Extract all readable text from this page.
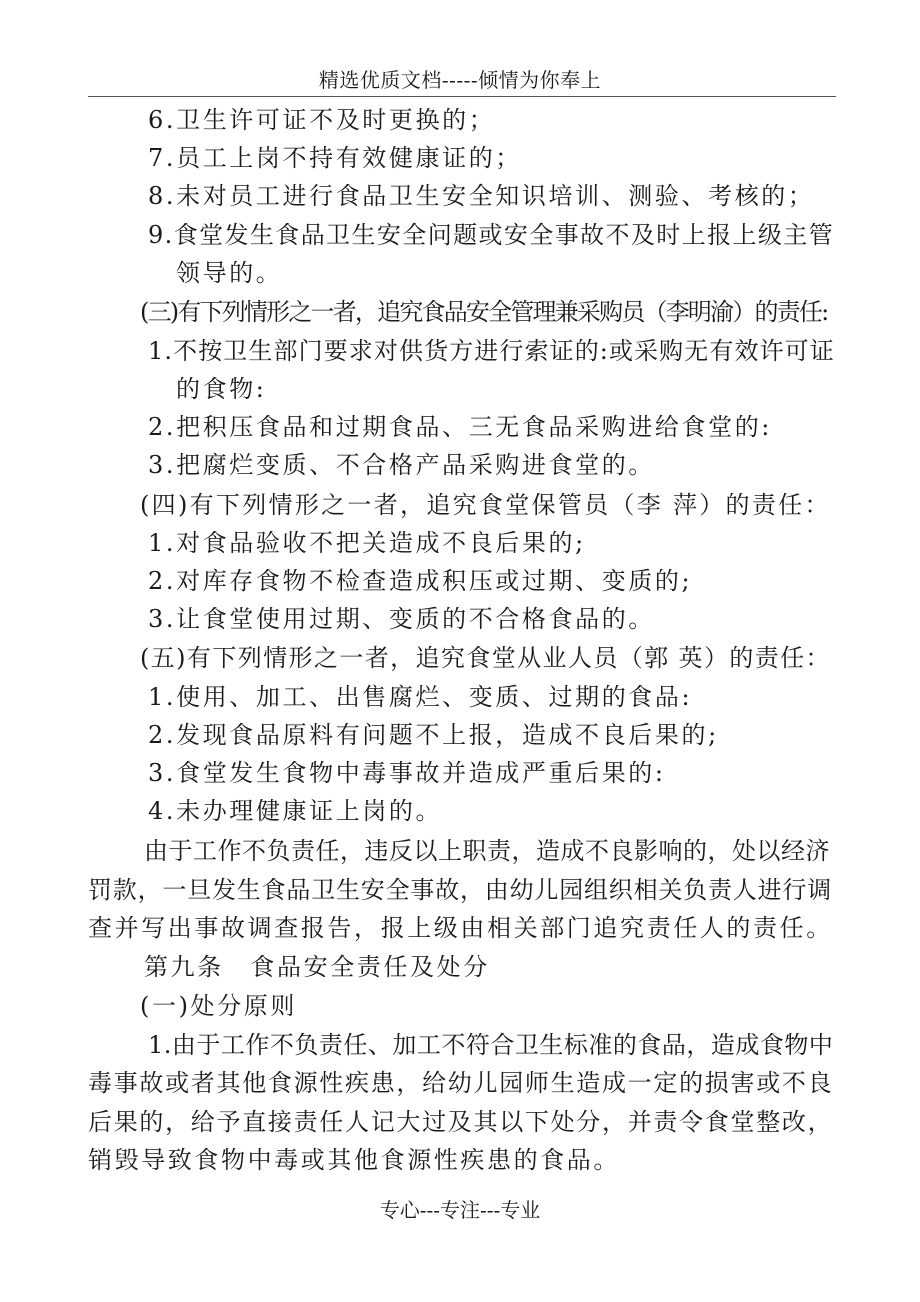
精选优质文档-----倾情为你奉上
6.卫生许可证不及时更换的；
7.员工上岗不持有效健康证的；
8.未对员工进行食品卫生安全知识培训、测验、考核的；
9.食堂发生食品卫生安全问题或安全事故不及时上报上级主管
领导的。
(三)有下列情形之一者，追究食品安全管理兼采购员（李明渝）的责任:
1.不按卫生部门要求对供货方进行索证的:或采购无有效许可证
的食物:
2.把积压食品和过期食品、三无食品采购进给食堂的:
3.把腐烂变质、不合格产品采购进食堂的。
(四)有下列情形之一者，追究食堂保管员（李 萍）的责任：
1.对食品验收不把关造成不良后果的;
2.对库存食物不检查造成积压或过期、变质的;
3.让食堂使用过期、变质的不合格食品的。
(五)有下列情形之一者，追究食堂从业人员（郭 英）的责任：
1.使用、加工、出售腐烂、变质、过期的食品:
2.发现食品原料有问题不上报，造成不良后果的;
3.食堂发生食物中毒事故并造成严重后果的:
4.未办理健康证上岗的。
由于工作不负责任，违反以上职责，造成不良影响的，处以经济
罚款，一旦发生食品卫生安全事故，由幼儿园组织相关负责人进行调
查并写出事故调查报告，报上级由相关部门追究责任人的责任。
第九条　食品安全责任及处分
(一)处分原则
1.由于工作不负责任、加工不符合卫生标准的食品，造成食物中
毒事故或者其他食源性疾患，给幼儿园师生造成一定的损害或不良
后果的，给予直接责任人记大过及其以下处分，并责令食堂整改，
销毁导致食物中毒或其他食源性疾患的食品。
专心---专注---专业
